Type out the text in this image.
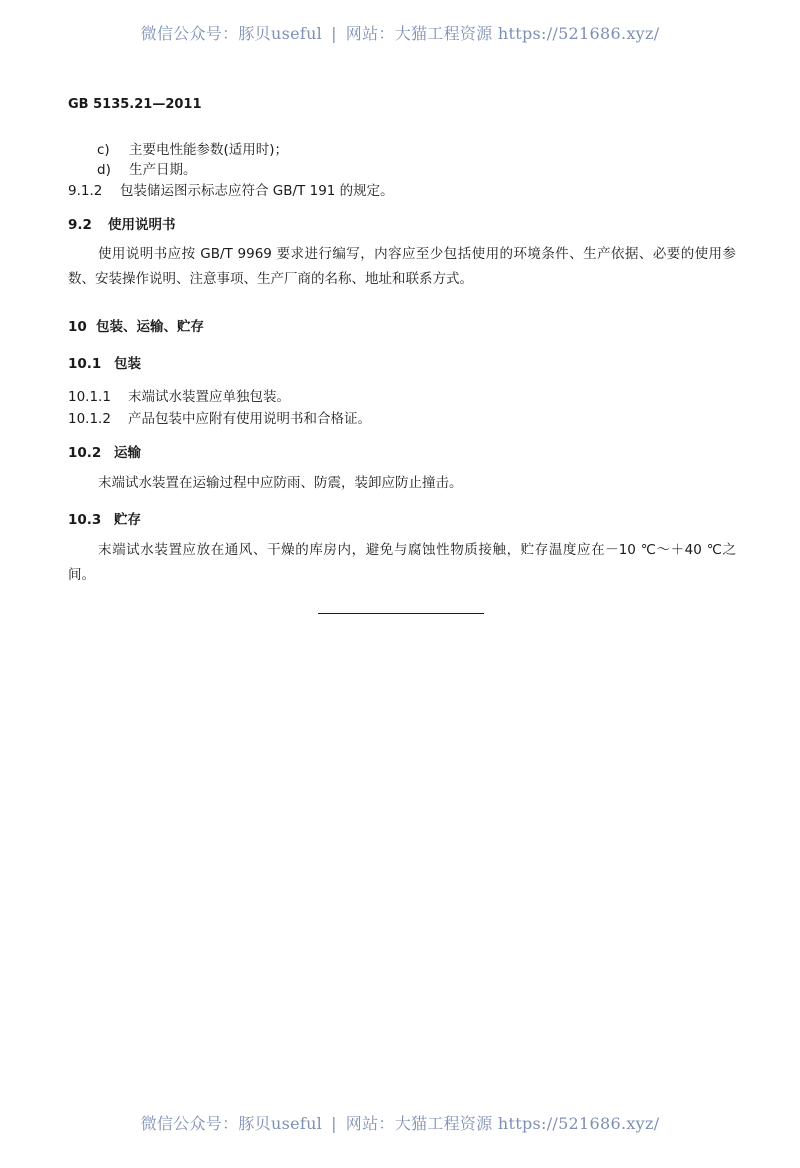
微信公众号：豚贝useful | 网站：大猫工程资源 https://521686.xyz/
GB 5135.21—2011
c) 主要电性能参数(适用时)；
d) 生产日期。
9.1.2 包装储运图示标志应符合 GB/T 191 的规定。
9.2 使用说明书

使用说明书应按 GB/T 9969 要求进行编写，内容应至少包括使用的环境条件、生产依据、必要的使用参数、安装操作说明、注意事项、生产厂商的名称、地址和联系方式。

10 包装、运输、贮存
10.1 包装
10.1.1 末端试水装置应单独包装。
10.1.2 产品包装中应附有使用说明书和合格证。
10.2 运输

末端试水装置在运输过程中应防雨、防震，装卸应防止撞击。

10.3 贮存

末端试水装置应放在通风、干燥的库房内，避免与腐蚀性物质接触，贮存温度应在－10 ℃～＋40 ℃之间。

微信公众号：豚贝useful | 网站：大猫工程资源 https://521686.xyz/
